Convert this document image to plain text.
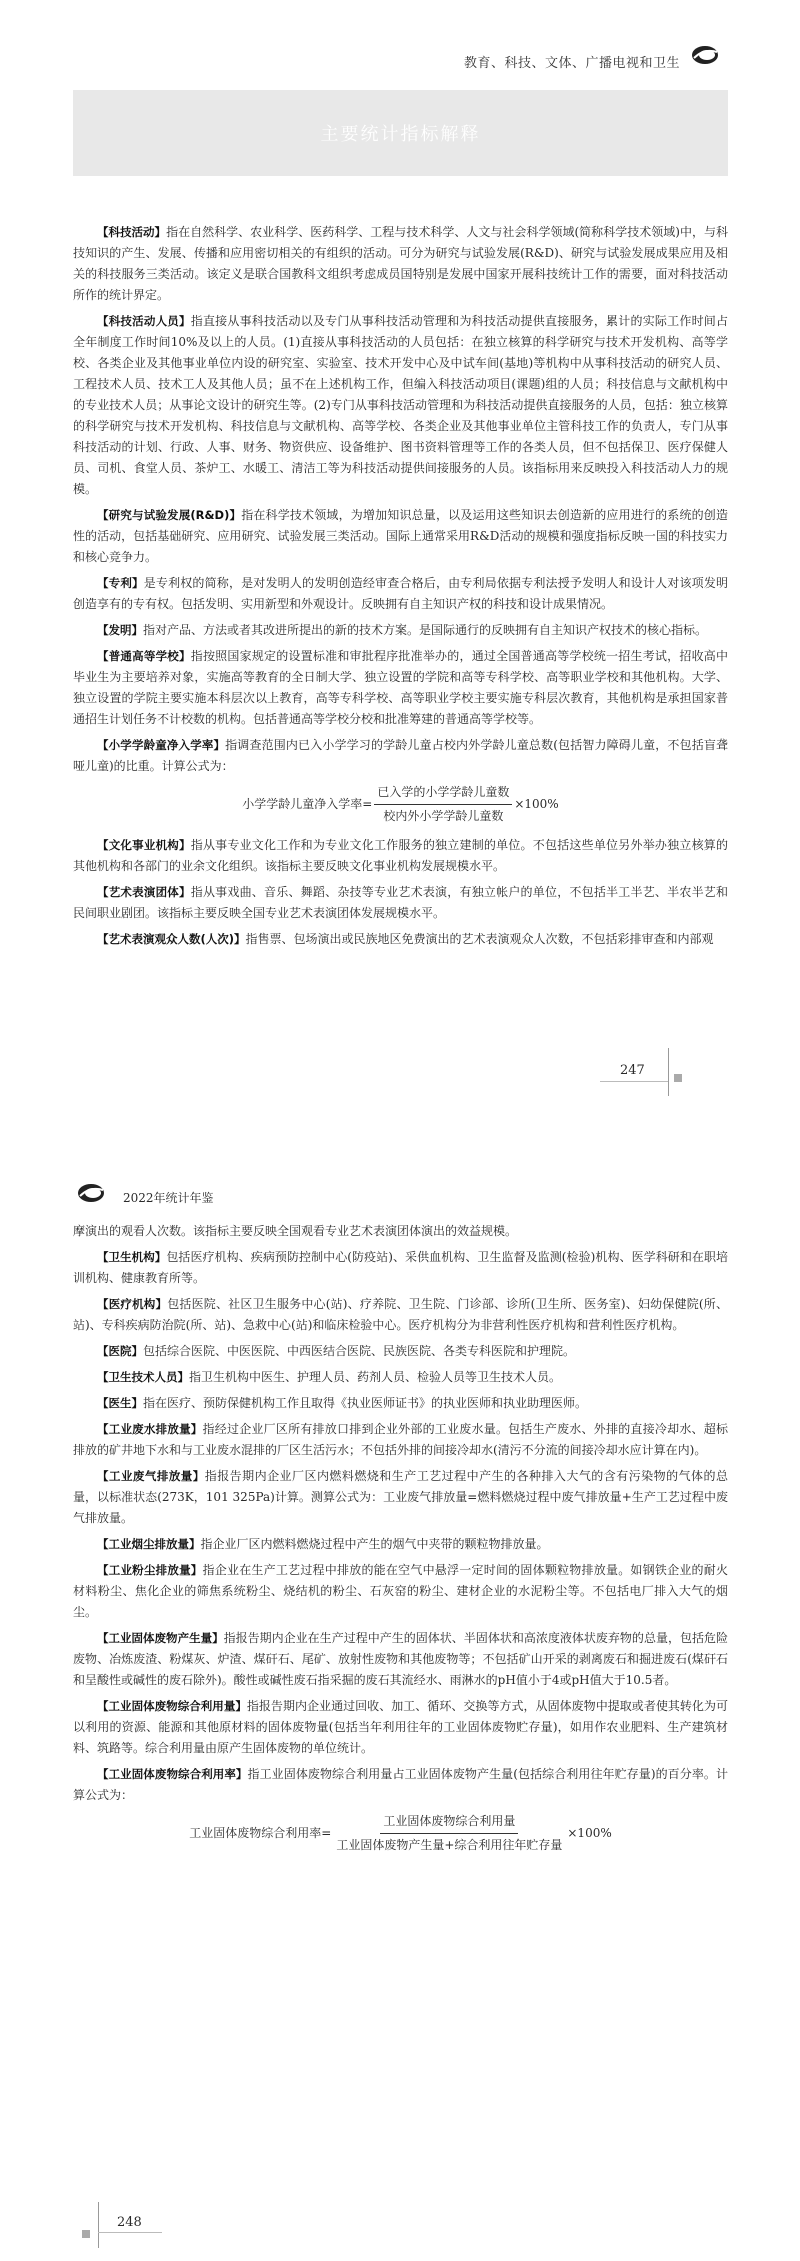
教育、科技、文体、广播电视和卫生
主要统计指标解释

【科技活动】指在自然科学、农业科学、医药科学、工程与技术科学、人文与社会科学领域(简称科学技术领域)中，与科技知识的产生、发展、传播和应用密切相关的有组织的活动。可分为研究与试验发展(R&D)、研究与试验发展成果应用及相关的科技服务三类活动。该定义是联合国教科文组织考虑成员国特别是发展中国家开展科技统计工作的需要，面对科技活动所作的统计界定。

【科技活动人员】指直接从事科技活动以及专门从事科技活动管理和为科技活动提供直接服务，累计的实际工作时间占全年制度工作时间10%及以上的人员。(1)直接从事科技活动的人员包括：在独立核算的科学研究与技术开发机构、高等学校、各类企业及其他事业单位内设的研究室、实验室、技术开发中心及中试车间(基地)等机构中从事科技活动的研究人员、工程技术人员、技术工人及其他人员；虽不在上述机构工作，但编入科技活动项目(课题)组的人员；科技信息与文献机构中的专业技术人员；从事论文设计的研究生等。(2)专门从事科技活动管理和为科技活动提供直接服务的人员，包括：独立核算的科学研究与技术开发机构、科技信息与文献机构、高等学校、各类企业及其他事业单位主管科技工作的负责人，专门从事科技活动的计划、行政、人事、财务、物资供应、设备维护、图书资料管理等工作的各类人员，但不包括保卫、医疗保健人员、司机、食堂人员、茶炉工、水暖工、清洁工等为科技活动提供间接服务的人员。该指标用来反映投入科技活动人力的规模。

【研究与试验发展(R&D)】指在科学技术领域，为增加知识总量，以及运用这些知识去创造新的应用进行的系统的创造性的活动，包括基础研究、应用研究、试验发展三类活动。国际上通常采用R&D活动的规模和强度指标反映一国的科技实力和核心竞争力。

【专利】是专利权的简称，是对发明人的发明创造经审查合格后，由专利局依据专利法授予发明人和设计人对该项发明创造享有的专有权。包括发明、实用新型和外观设计。反映拥有自主知识产权的科技和设计成果情况。

【发明】指对产品、方法或者其改进所提出的新的技术方案。是国际通行的反映拥有自主知识产权技术的核心指标。

【普通高等学校】指按照国家规定的设置标准和审批程序批准举办的，通过全国普通高等学校统一招生考试，招收高中毕业生为主要培养对象，实施高等教育的全日制大学、独立设置的学院和高等专科学校、高等职业学校和其他机构。大学、独立设置的学院主要实施本科层次以上教育，高等专科学校、高等职业学校主要实施专科层次教育，其他机构是承担国家普通招生计划任务不计校数的机构。包括普通高等学校分校和批准筹建的普通高等学校等。

【小学学龄童净入学率】指调查范围内已入小学学习的学龄儿童占校内外学龄儿童总数(包括智力障碍儿童，不包括盲聋哑儿童)的比重。计算公式为：

小学学龄儿童净入学率= $\frac{\text{已入学的小学学龄儿童数}}{\text{校内外小学学龄儿童数}} \times 100\%$

【文化事业机构】指从事专业文化工作和为专业文化工作服务的独立建制的单位。不包括这些单位另外举办独立核算的其他机构和各部门的业余文化组织。该指标主要反映文化事业机构发展规模水平。

【艺术表演团体】指从事戏曲、音乐、舞蹈、杂技等专业艺术表演，有独立帐户的单位，不包括半工半艺、半农半艺和民间职业剧团。该指标主要反映全国专业艺术表演团体发展规模水平。

【艺术表演观众人数(人次)】指售票、包场演出或民族地区免费演出的艺术表演观众人次数，不包括彩排审查和内部观

247
2022年统计年鉴

摩演出的观看人次数。该指标主要反映全国观看专业艺术表演团体演出的效益规模。

【卫生机构】包括医疗机构、疾病预防控制中心(防疫站)、采供血机构、卫生监督及监测(检验)机构、医学科研和在职培训机构、健康教育所等。

【医疗机构】包括医院、社区卫生服务中心(站)、疗养院、卫生院、门诊部、诊所(卫生所、医务室)、妇幼保健院(所、站)、专科疾病防治院(所、站)、急救中心(站)和临床检验中心。医疗机构分为非营利性医疗机构和营利性医疗机构。

【医院】包括综合医院、中医医院、中西医结合医院、民族医院、各类专科医院和护理院。

【卫生技术人员】指卫生机构中医生、护理人员、药剂人员、检验人员等卫生技术人员。

【医生】指在医疗、预防保健机构工作且取得《执业医师证书》的执业医师和执业助理医师。

【工业废水排放量】指经过企业厂区所有排放口排到企业外部的工业废水量。包括生产废水、外排的直接冷却水、超标排放的矿井地下水和与工业废水混排的厂区生活污水；不包括外排的间接冷却水(清污不分流的间接冷却水应计算在内)。

【工业废气排放量】指报告期内企业厂区内燃料燃烧和生产工艺过程中产生的各种排入大气的含有污染物的气体的总量，以标准状态(273K，101 325Pa)计算。测算公式为：工业废气排放量=燃料燃烧过程中废气排放量+生产工艺过程中废气排放量。

【工业烟尘排放量】指企业厂区内燃料燃烧过程中产生的烟气中夹带的颗粒物排放量。

【工业粉尘排放量】指企业在生产工艺过程中排放的能在空气中悬浮一定时间的固体颗粒物排放量。如钢铁企业的耐火材料粉尘、焦化企业的筛焦系统粉尘、烧结机的粉尘、石灰窑的粉尘、建材企业的水泥粉尘等。不包括电厂排入大气的烟尘。

【工业固体废物产生量】指报告期内企业在生产过程中产生的固体状、半固体状和高浓度液体状废弃物的总量，包括危险废物、冶炼废渣、粉煤灰、炉渣、煤矸石、尾矿、放射性废物和其他废物等；不包括矿山开采的剥离废石和掘进废石(煤矸石和呈酸性或碱性的废石除外)。酸性或碱性废石指采掘的废石其流经水、雨淋水的pH值小于4或pH值大于10.5者。

【工业固体废物综合利用量】指报告期内企业通过回收、加工、循环、交换等方式，从固体废物中提取或者使其转化为可以利用的资源、能源和其他原材料的固体废物量(包括当年利用往年的工业固体废物贮存量)，如用作农业肥料、生产建筑材料、筑路等。综合利用量由原产生固体废物的单位统计。

【工业固体废物综合利用率】指工业固体废物综合利用量占工业固体废物产生量(包括综合利用往年贮存量)的百分率。计算公式为：

工业固体废物综合利用率= $\frac{\text{工业固体废物综合利用量}}{\text{工业固体废物产生量+综合利用往年贮存量}} \times 100\%$
248
